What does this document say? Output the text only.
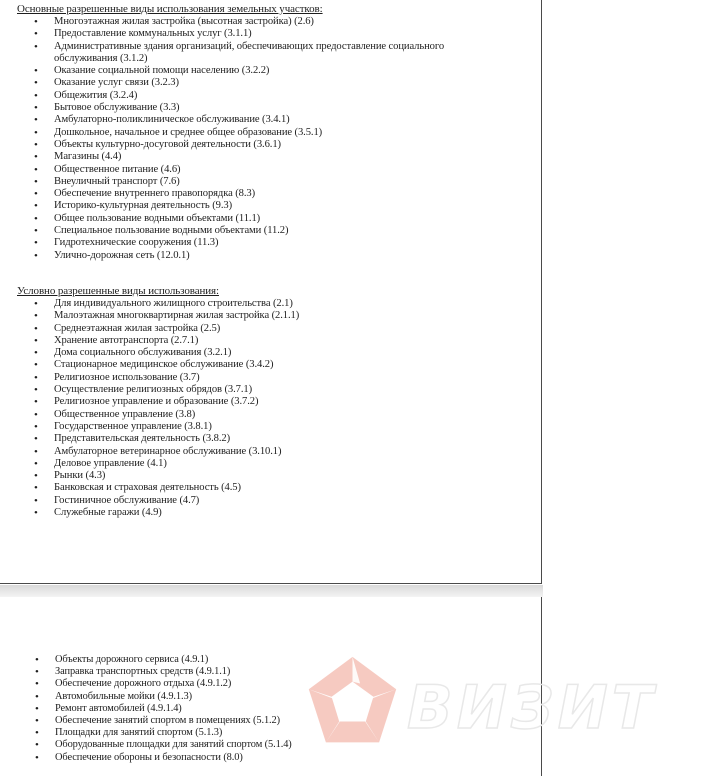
Основные разрешенные виды использования земельных участков:
• Многоэтажная жилая застройка (высотная застройка) (2.6)
• Предоставление коммунальных услуг (3.1.1)
• Административные здания организаций, обеспечивающих предоставление социального обслуживания (3.1.2)
• Оказание социальной помощи населению (3.2.2)
• Оказание услуг связи (3.2.3)
• Общежития (3.2.4)
• Бытовое обслуживание (3.3)
• Амбулаторно-поликлиническое обслуживание (3.4.1)
• Дошкольное, начальное и среднее общее образование (3.5.1)
• Объекты культурно-досуговой деятельности (3.6.1)
• Магазины (4.4)
• Общественное питание (4.6)
• Внеуличный транспорт (7.6)
• Обеспечение внутреннего правопорядка (8.3)
• Историко-культурная деятельность (9.3)
• Общее пользование водными объектами (11.1)
• Специальное пользование водными объектами (11.2)
• Гидротехнические сооружения (11.3)
• Улично-дорожная сеть (12.0.1)
Условно разрешенные виды использования:
• Для индивидуального жилищного строительства (2.1)
• Малоэтажная многоквартирная жилая застройка (2.1.1)
• Среднеэтажная жилая застройка (2.5)
• Хранение автотранспорта (2.7.1)
• Дома социального обслуживания (3.2.1)
• Стационарное медицинское обслуживание (3.4.2)
• Религиозное использование (3.7)
• Осуществление религиозных обрядов (3.7.1)
• Религиозное управление и образование (3.7.2)
• Общественное управление (3.8)
• Государственное управление (3.8.1)
• Представительская деятельность (3.8.2)
• Амбулаторное ветеринарное обслуживание (3.10.1)
• Деловое управление (4.1)
• Рынки (4.3)
• Банковская и страховая деятельность (4.5)
• Гостиничное обслуживание (4.7)
• Служебные гаражи (4.9)
• Объекты дорожного сервиса (4.9.1)
• Заправка транспортных средств (4.9.1.1)
• Обеспечение дорожного отдыха (4.9.1.2)
• Автомобильные мойки (4.9.1.3)
• Ремонт автомобилей (4.9.1.4)
• Обеспечение занятий спортом в помещениях (5.1.2)
• Площадки для занятий спортом (5.1.3)
• Оборудованные площадки для занятий спортом (5.1.4)
• Обеспечение обороны и безопасности (8.0)
